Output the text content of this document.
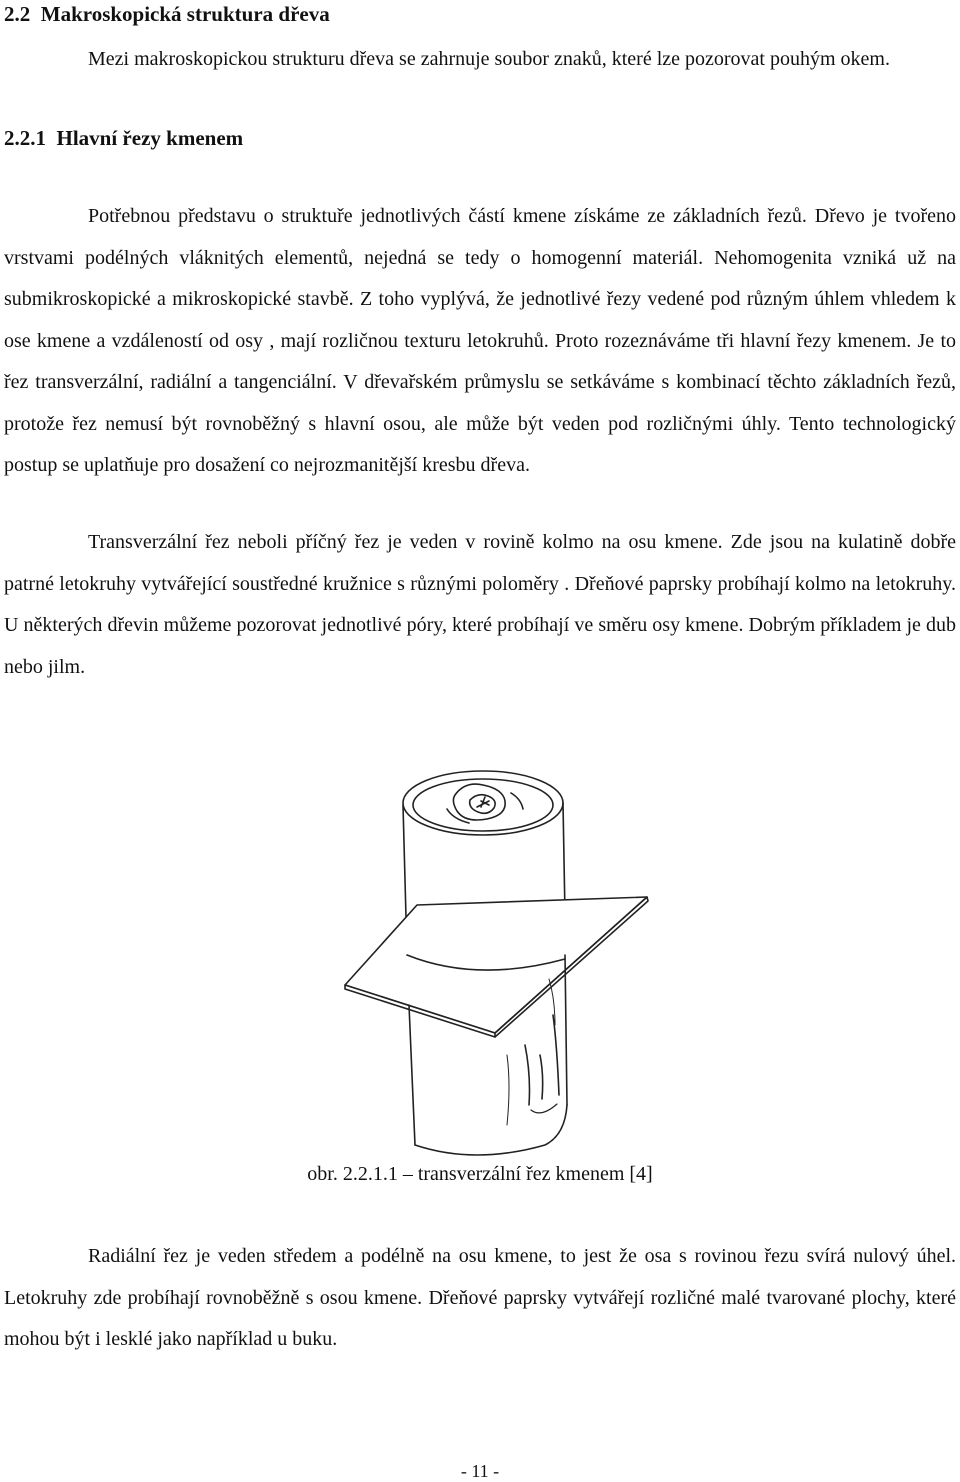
2.2 Makroskopická struktura dřeva

Mezi makroskopickou strukturu dřeva se zahrnuje soubor znaků, které lze pozorovat pouhým okem.

2.2.1 Hlavní řezy kmenem

Potřebnou představu o struktuře jednotlivých částí kmene získáme ze základních řezů. Dřevo je tvořeno vrstvami podélných vláknitých elementů, nejedná se tedy o homogenní materiál. Nehomogenita vzniká už na submikroskopické a mikroskopické stavbě. Z toho vyplývá, že jednotlivé řezy vedené pod různým úhlem vhledem k ose kmene a vzdáleností od osy , mají rozličnou texturu letokruhů. Proto rozeznáváme tři hlavní řezy kmenem. Je to řez transverzální, radiální a tangenciální. V dřevařském průmyslu se setkáváme s kombinací těchto základních řezů, protože řez nemusí být rovnoběžný s hlavní osou, ale může být veden pod rozličnými úhly. Tento technologický postup se uplatňuje pro dosažení co nejrozmanitější kresbu dřeva.

Transverzální řez neboli příčný řez je veden v rovině kolmo na osu kmene. Zde jsou na kulatině dobře patrné letokruhy vytvářející soustředné kružnice s různými poloměry . Dřeňové paprsky probíhají kolmo na letokruhy. U některých dřevin můžeme pozorovat jednotlivé póry, které probíhají ve směru osy kmene. Dobrým příkladem je dub nebo jilm.

obr. 2.2.1.1 – transverzální řez kmenem [4]

Radiální řez je veden středem a podélně na osu kmene, to jest že osa s rovinou řezu svírá nulový úhel. Letokruhy zde probíhají rovnoběžně s osou kmene. Dřeňové paprsky vytvářejí rozličné malé tvarované plochy, které mohou být i lesklé jako například u buku.

- 11 -
